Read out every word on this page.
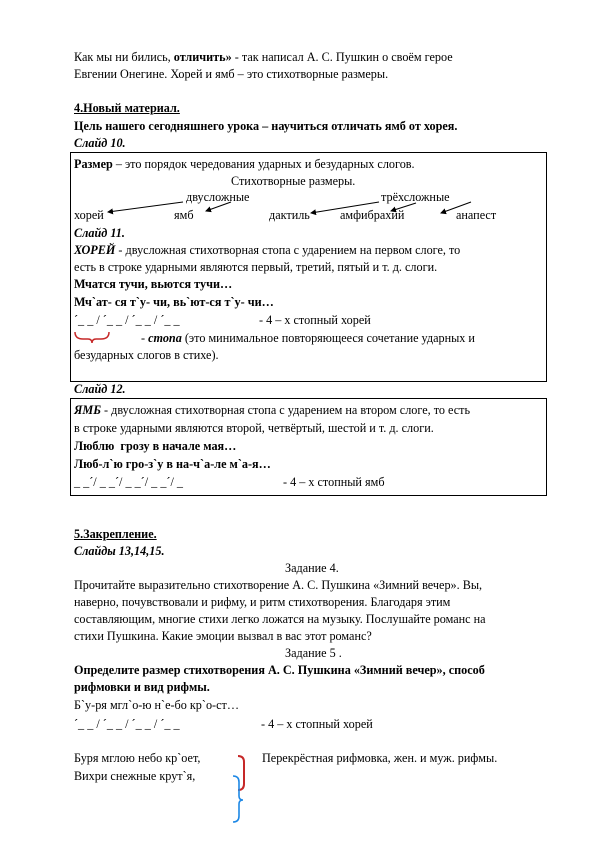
Как мы ни бились, отличить» - так написал А. С. Пушкин о своём герое
Евгении Онегине. Хорей и ямб – это стихотворные размеры.
4.Новый материал.
Цель нашего сегодняшнего урока – научиться отличать ямб от хорея.
Слайд 10.
Размер – это порядок чередования ударных и безударных слогов.
Стихотворные размеры.
двусложные	трёхсложные
хорей	ямб	дактиль амфибрахий	анапест
Слайд 11.
ХОРЕЙ - двусложная стихотворная стопа с ударением на первом слоге, то
есть в строке ударными являются первый, третий, пятый и т. д. слоги.
Мчатся тучи, вьются тучи…
Мч`ат- ся т`у- чи, вь`ют-ся т`у- чи…
´_ _ / ´_ _ / ´_ _ / ´_ _	- 4 – х стопный хорей
- стопа (это минимальное повторяющееся сочетание ударных и
безударных слогов в стихе).
Слайд 12.
ЯМБ - двусложная стихотворная стопа с ударением на втором слоге, то есть
в строке ударными являются второй, четвёртый, шестой и т. д. слоги.
Люблю  грозу в начале мая…
Люб-л`ю гро-з`у в на-ч`а-ле м`а-я…
_ _´/ _ _´/ _ _´/ _ _´/ _	- 4 – х стопный ямб
5.Закрепление.
Слайды 13,14,15.
Задание 4.
Прочитайте выразительно стихотворение А. С. Пушкина «Зимний вечер». Вы,
наверно, почувствовали и рифму, и ритм стихотворения. Благодаря этим
составляющим, многие стихи легко ложатся на музыку. Послушайте романс на
стихи Пушкина. Какие эмоции вызвал в вас этот романс?
Задание 5 .
Определите размер стихотворения А. С. Пушкина «Зимний вечер», способ
рифмовки и вид рифмы.
Б`у-ря мгл`о-ю н`е-бо кр`о-ст…
´_ _ / ´_ _ / ´_ _ / ´_ _	- 4 – х стопный хорей
Буря мглою небо кр`оет,
Вихри снежные крут`я,
Перекрёстная рифмовка, жен. и муж. рифмы.
